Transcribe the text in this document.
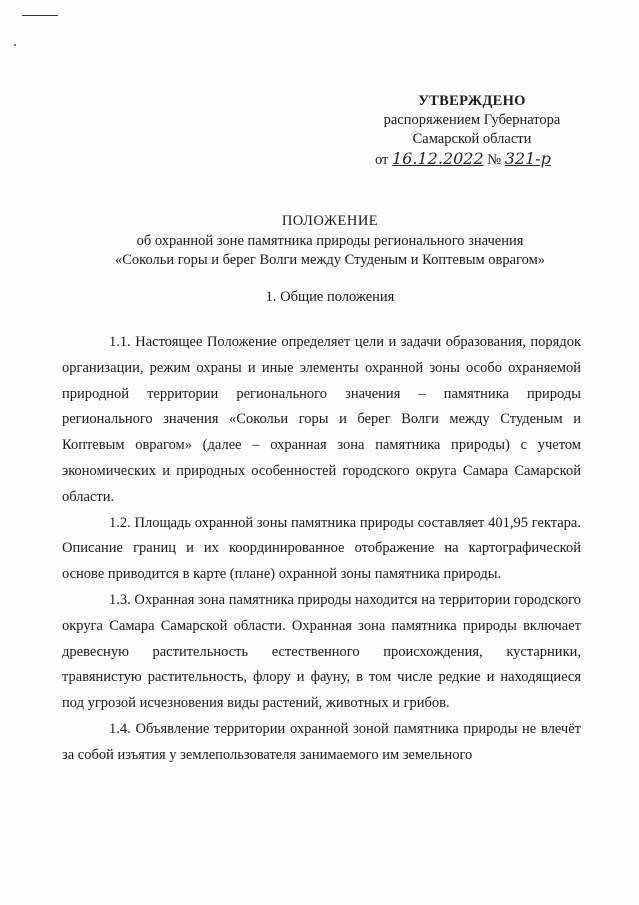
УТВЕРЖДЕНО
распоряжением Губернатора
Самарской области
от 16.12.2022 № 321-р
ПОЛОЖЕНИЕ
об охранной зоне памятника природы регионального значения
«Сокольи горы и берег Волги между Студеным и Коптевым оврагом»
1. Общие положения

1.1. Настоящее Положение определяет цели и задачи образования, порядок организации, режим охраны и иные элементы охранной зоны особо охраняемой природной территории регионального значения – памятника природы регионального значения «Сокольи горы и берег Волги между Студеным и Коптевым оврагом» (далее – охранная зона памятника природы) с учетом экономических и природных особенностей городского округа Самара Самарской области.

1.2. Площадь охранной зоны памятника природы составляет 401,95 гектара. Описание границ и их координированное отображение на картографической основе приводится в карте (плане) охранной зоны памятника природы.

1.3. Охранная зона памятника природы находится на территории городского округа Самара Самарской области. Охранная зона памятника природы включает древесную растительность естественного происхождения, кустарники, травянистую растительность, флору и фауну, в том числе редкие и находящиеся под угрозой исчезновения виды растений, животных и грибов.

1.4. Объявление территории охранной зоной памятника природы не влечёт за собой изъятия у землепользователя занимаемого им земельного
